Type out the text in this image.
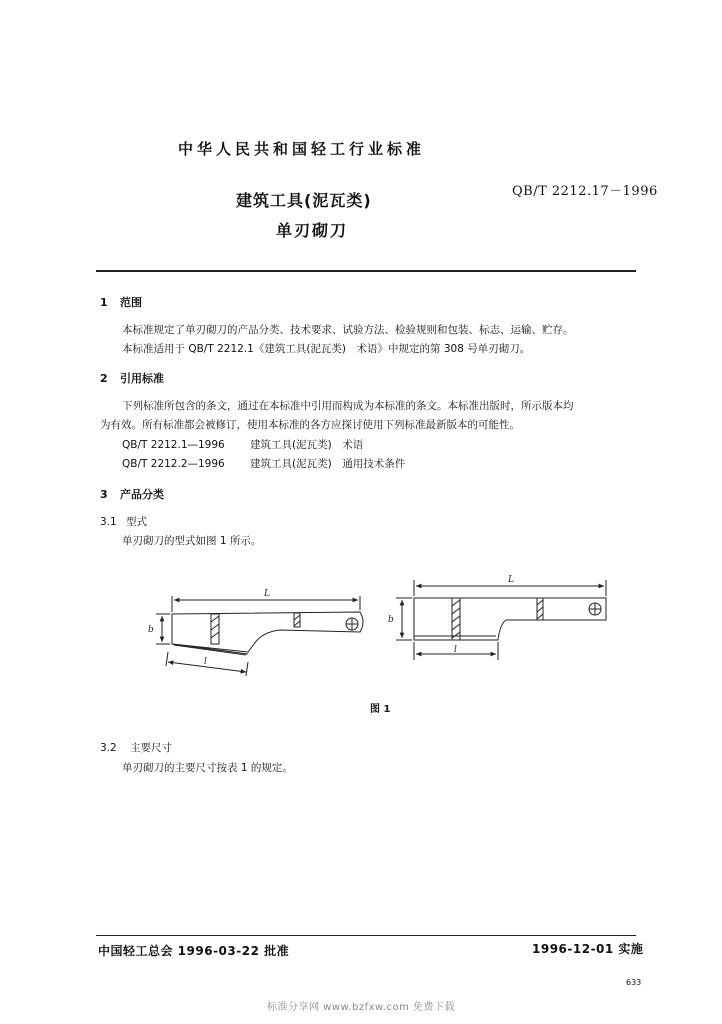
中华人民共和国轻工行业标准
QB/T 2212.17－1996
建筑工具(泥瓦类)
单刃砌刀
1 范围
本标准规定了单刃砌刀的产品分类、技术要求、试验方法、检验规则和包装、标志、运输、贮存。
本标准适用于 QB/T 2212.1《建筑工具(泥瓦类)　术语》中规定的第 308 号单刃砌刀。
2 引用标准
下列标准所包含的条文，通过在本标准中引用而构成为本标准的条文。本标准出版时，所示版本均
为有效。所有标准都会被修订，使用本标准的各方应探讨使用下列标准最新版本的可能性。
QB/T 2212.1—1996 建筑工具(泥瓦类)　术语
QB/T 2212.2—1996 建筑工具(泥瓦类)　通用技术条件
3 产品分类
3.1 型式
单刃砌刀的型式如图 1 所示。
L
b
l
L
b
l
图 1
3.2 主要尺寸
单刃砌刀的主要尺寸按表 1 的规定。
中国轻工总会 1996-03-22 批准	1996-12-01 实施
633
标准分享网 www.bzfxw.com 免费下载
